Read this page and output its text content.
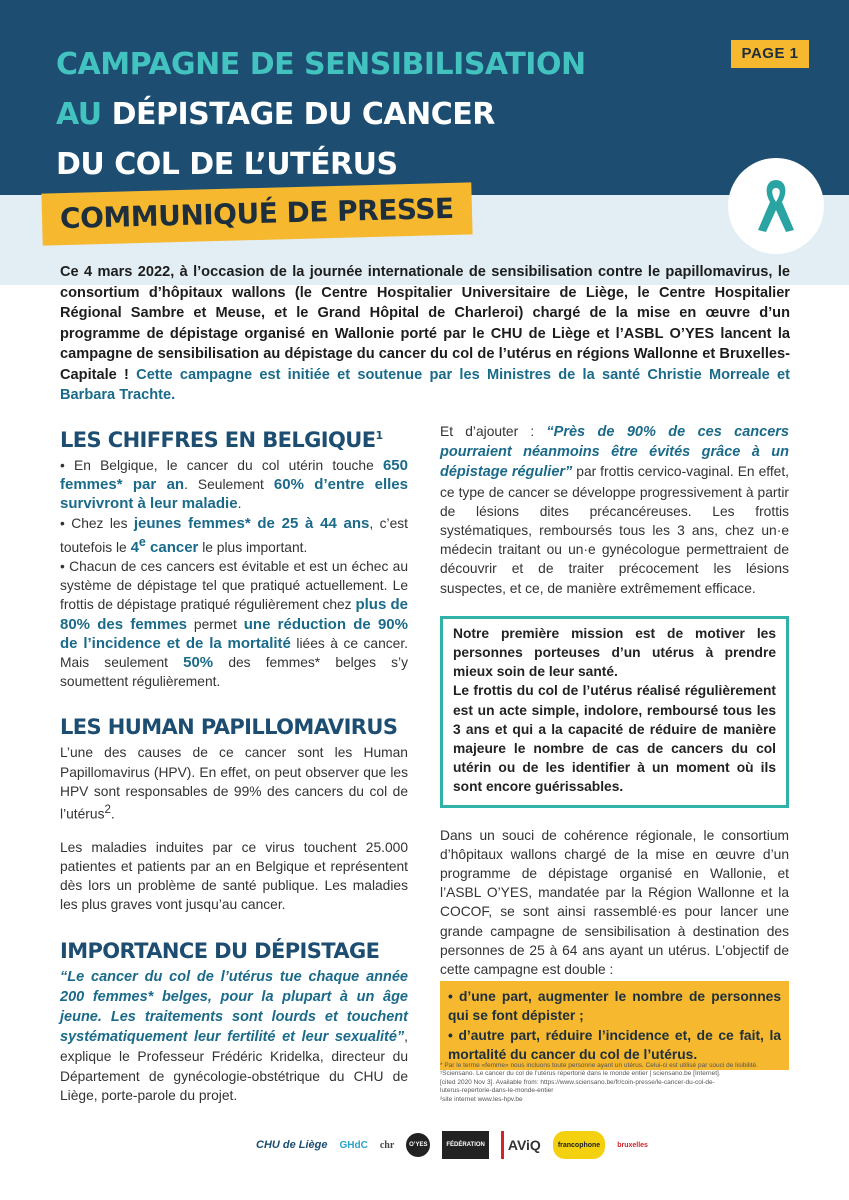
PAGE 1
CAMPAGNE DE SENSIBILISATION
AU DÉPISTAGE DU CANCER
DU COL DE L’UTÉRUS
COMMUNIQUÉ DE PRESSE
Ce 4 mars 2022, à l’occasion de la journée internationale de sensibilisation contre le papillomavirus, le consortium d’hôpitaux wallons (le Centre Hospitalier Universitaire de Liège, le Centre Hospitalier Régional Sambre et Meuse, et le Grand Hôpital de Charleroi) chargé de la mise en œuvre d’un programme de dépistage organisé en Wallonie porté par le CHU de Liège et l’ASBL O’YES lancent la campagne de sensibilisation au dépistage du cancer du col de l’utérus en régions Wallonne et Bruxelles-Capitale ! Cette campagne est initiée et soutenue par les Ministres de la santé Christie Morreale et Barbara Trachte.
LES CHIFFRES EN BELGIQUE$^1$

• En Belgique, le cancer du col utérin touche 650 femmes* par an. Seulement 60% d’entre elles survivront à leur maladie.

• Chez les jeunes femmes* de 25 à 44 ans, c’est toutefois le 4e cancer le plus important.

• Chacun de ces cancers est évitable et est un échec au système de dépistage tel que pratiqué actuellement. Le frottis de dépistage pratiqué régulièrement chez plus de 80% des femmes permet une réduction de 90% de l’incidence et de la mortalité liées à ce cancer. Mais seulement 50% des femmes* belges s’y soumettent régulièrement.

LES HUMAN PAPILLOMAVIRUS

L’une des causes de ce cancer sont les Human Papillomavirus (HPV). En effet, on peut observer que les HPV sont responsables de 99% des cancers du col de l’utérus$^2$.

Les maladies induites par ce virus touchent 25.000 patientes et patients par an en Belgique et représentent dès lors un problème de santé publique. Les maladies les plus graves vont jusqu’au cancer.

IMPORTANCE DU DÉPISTAGE

“Le cancer du col de l’utérus tue chaque année 200 femmes* belges, pour la plupart à un âge jeune. Les traitements sont lourds et touchent systématiquement leur fertilité et leur sexualité”, explique le Professeur Frédéric Kridelka, directeur du Département de gynécologie-obstétrique du CHU de Liège, porte-parole du projet.

Et d’ajouter : “Près de 90% de ces cancers pourraient néanmoins être évités grâce à un dépistage régulier” par frottis cervico-vaginal. En effet, ce type de cancer se développe progressivement à partir de lésions dites précancéreuses. Les frottis systématiques, remboursés tous les 3 ans, chez un·e médecin traitant ou un·e gynécologue permettraient de découvrir et de traiter précocement les lésions suspectes, et ce, de manière extrêmement efficace.

Notre première mission est de motiver les personnes porteuses d’un utérus à prendre mieux soin de leur santé.

Le frottis du col de l’utérus réalisé régulièrement est un acte simple, indolore, remboursé tous les 3 ans et qui a la capacité de réduire de manière majeure le nombre de cas de cancers du col utérin ou de les identifier à un moment où ils sont encore guérissables.

Dans un souci de cohérence régionale, le consortium d’hôpitaux wallons chargé de la mise en œuvre d’un programme de dépistage organisé en Wallonie, et l’ASBL O’YES, mandatée par la Région Wallonne et la COCOF, se sont ainsi rassemblé·es pour lancer une grande campagne de sensibilisation à destination des personnes de 25 à 64 ans ayant un utérus. L’objectif de cette campagne est double :

• d’une part, augmenter le nombre de personnes qui se font dépister ;

• d’autre part, réduire l’incidence et, de ce fait, la mortalité du cancer du col de l’utérus.

* Par le terme «femme» nous incluons toute personne ayant un utérus. Celui-ci est utilisé par souci de lisibilité.

¹Sciensano. Le cancer du col de l’utérus répertorié dans le monde entier | sciensano.be [Internet].

[cited 2020 Nov 3]. Available from: https://www.sciensano.be/fr/coin-presse/le-cancer-du-col-de-

luterus-repertorie-dans-le-monde-entier

²site internet www.les-hpv.be

CHU de Liège GHdC chr	O’YES	FÉDÉRATION	AViQ	francophone	bruxelles
